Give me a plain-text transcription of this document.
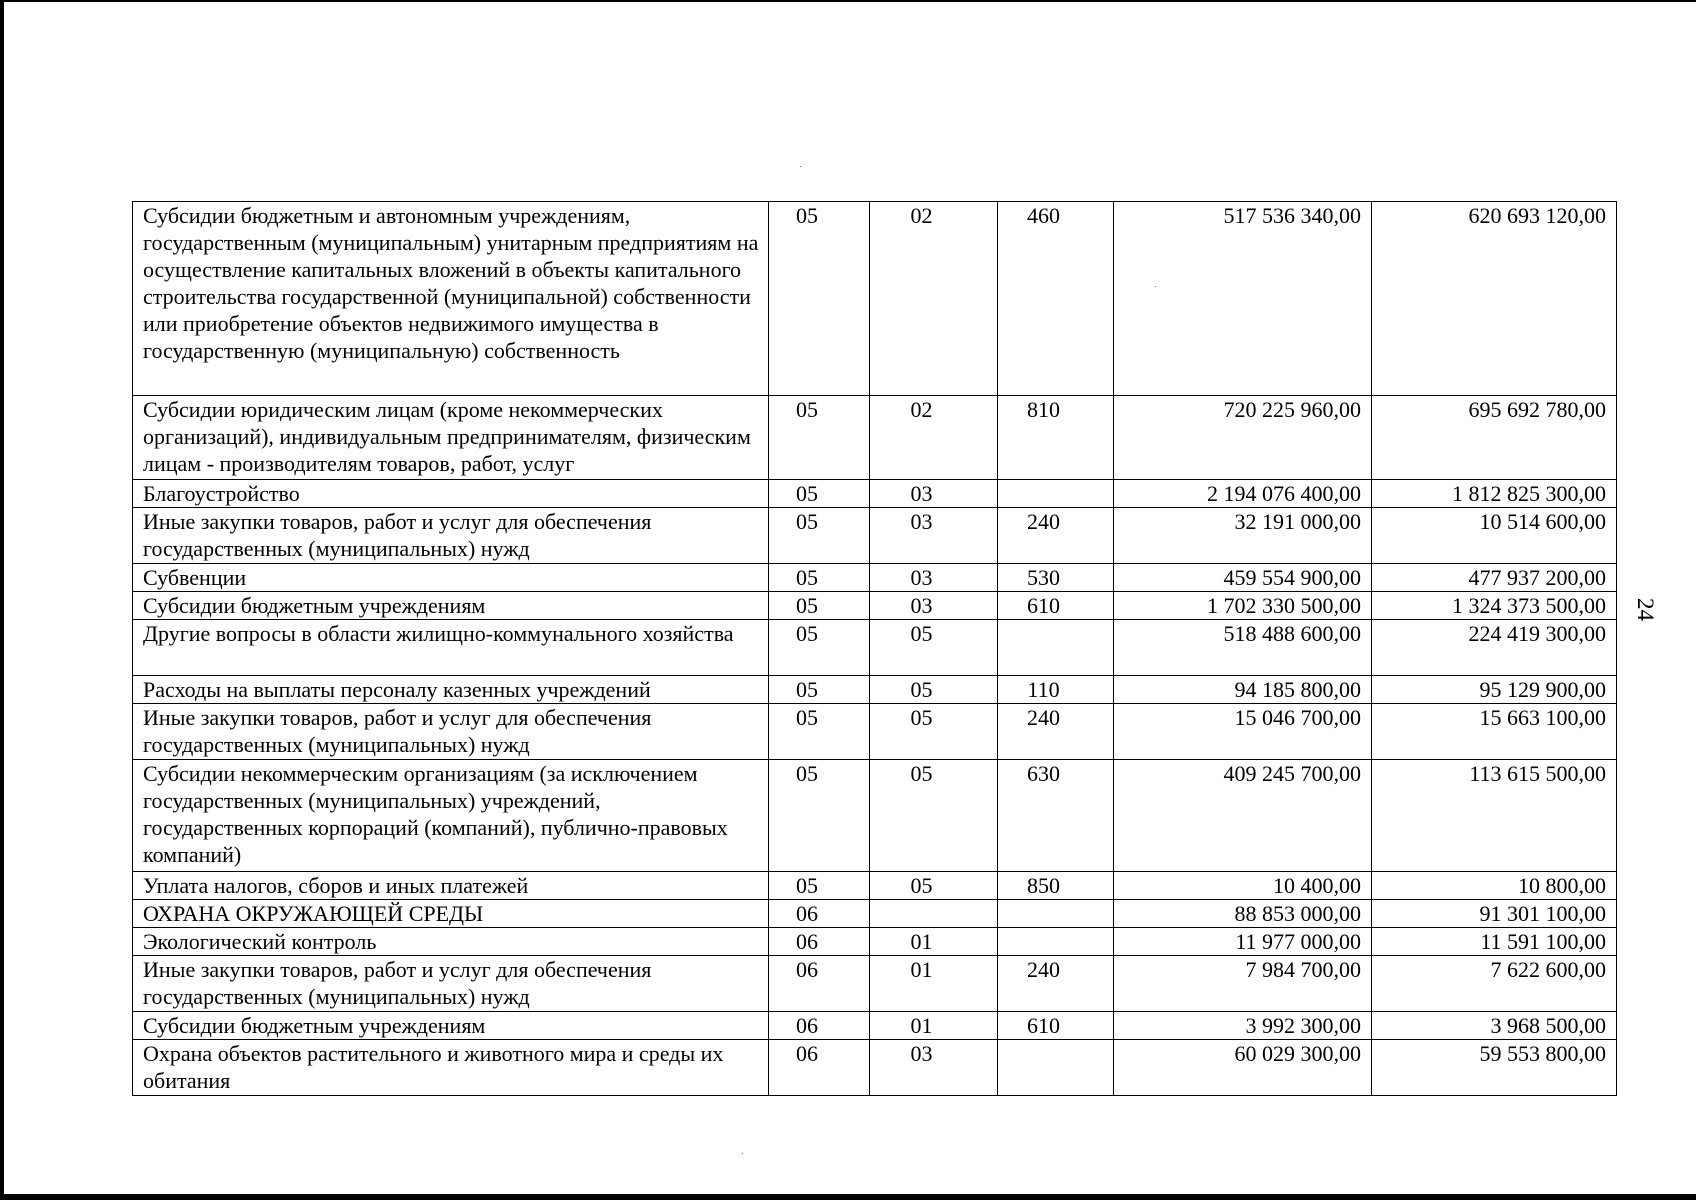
Субсидии бюджетным и автономным учреждениям, государственным (муниципальным) унитарным предприятиям на осуществление капитальных вложений в объекты капитального строительства государственной (муниципальной) собственности или приобретение объектов недвижимого имущества в государственную (муниципальную) собственность	05	02	460	517 536 340,00	620 693 120,00
Субсидии юридическим лицам (кроме некоммерческих организаций), индивидуальным предпринимателям, физическим лицам - производителям товаров, работ, услуг	05	02	810	720 225 960,00	695 692 780,00
Благоустройство	05	03		2 194 076 400,00	1 812 825 300,00
Иные закупки товаров, работ и услуг для обеспечения государственных (муниципальных) нужд	05	03	240	32 191 000,00	10 514 600,00
Субвенции	05	03	530	459 554 900,00	477 937 200,00
Субсидии бюджетным учреждениям	05	03	610	1 702 330 500,00	1 324 373 500,00
Другие вопросы в области жилищно-коммунального хозяйства	05	05		518 488 600,00	224 419 300,00
Расходы на выплаты персоналу казенных учреждений	05	05	110	94 185 800,00	95 129 900,00
Иные закупки товаров, работ и услуг для обеспечения государственных (муниципальных) нужд	05	05	240	15 046 700,00	15 663 100,00
Субсидии некоммерческим организациям (за исключением государственных (муниципальных) учреждений, государственных корпораций (компаний), публично-правовых компаний)	05	05	630	409 245 700,00	113 615 500,00
Уплата налогов, сборов и иных платежей	05	05	850	10 400,00	10 800,00
ОХРАНА ОКРУЖАЮЩЕЙ СРЕДЫ	06			88 853 000,00	91 301 100,00
Экологический контроль	06	01		11 977 000,00	11 591 100,00
Иные закупки товаров, работ и услуг для обеспечения государственных (муниципальных) нужд	06	01	240	7 984 700,00	7 622 600,00
Субсидии бюджетным учреждениям	06	01	610	3 992 300,00	3 968 500,00
Охрана объектов растительного и животного мира и среды их обитания	06	03		60 029 300,00	59 553 800,00
24
